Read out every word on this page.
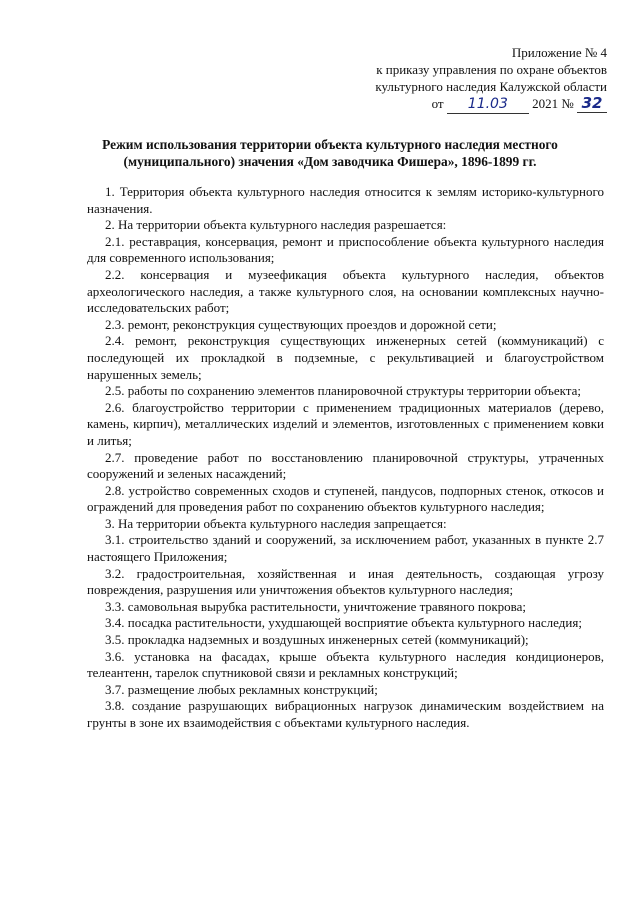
Приложение № 4
к приказу управления по охране объектов
культурного наследия Калужской области
от 11.03 2021 № 32
Режим использования территории объекта культурного наследия местного
(муниципального) значения «Дом заводчика Фишера», 1896-1899 гг.

1. Территория объекта культурного наследия относится к землям историко-культурного назначения.

2. На территории объекта культурного наследия разрешается:

2.1. реставрация, консервация, ремонт и приспособление объекта культурного наследия для современного использования;

2.2. консервация и музеефикация объекта культурного наследия, объектов археологического наследия, а также культурного слоя, на основании комплексных научно-исследовательских работ;

2.3. ремонт, реконструкция существующих проездов и дорожной сети;

2.4. ремонт, реконструкция существующих инженерных сетей (коммуникаций) с последующей их прокладкой в подземные, с рекультивацией и благоустройством нарушенных земель;

2.5. работы по сохранению элементов планировочной структуры территории объекта;

2.6. благоустройство территории с применением традиционных материалов (дерево, камень, кирпич), металлических изделий и элементов, изготовленных с применением ковки и литья;

2.7. проведение работ по восстановлению планировочной структуры, утраченных сооружений и зеленых насаждений;

2.8. устройство современных сходов и ступеней, пандусов, подпорных стенок, откосов и ограждений для проведения работ по сохранению объектов культурного наследия;

3. На территории объекта культурного наследия запрещается:

3.1. строительство зданий и сооружений, за исключением работ, указанных в пункте 2.7 настоящего Приложения;

3.2. градостроительная, хозяйственная и иная деятельность, создающая угрозу повреждения, разрушения или уничтожения объектов культурного наследия;

3.3. самовольная вырубка растительности, уничтожение травяного покрова;

3.4. посадка растительности, ухудшающей восприятие объекта культурного наследия;

3.5. прокладка надземных и воздушных инженерных сетей (коммуникаций);

3.6. установка на фасадах, крыше объекта культурного наследия кондиционеров, телеантенн, тарелок спутниковой связи и рекламных конструкций;

3.7. размещение любых рекламных конструкций;

3.8. создание разрушающих вибрационных нагрузок динамическим воздействием на грунты в зоне их взаимодействия с объектами культурного наследия.
